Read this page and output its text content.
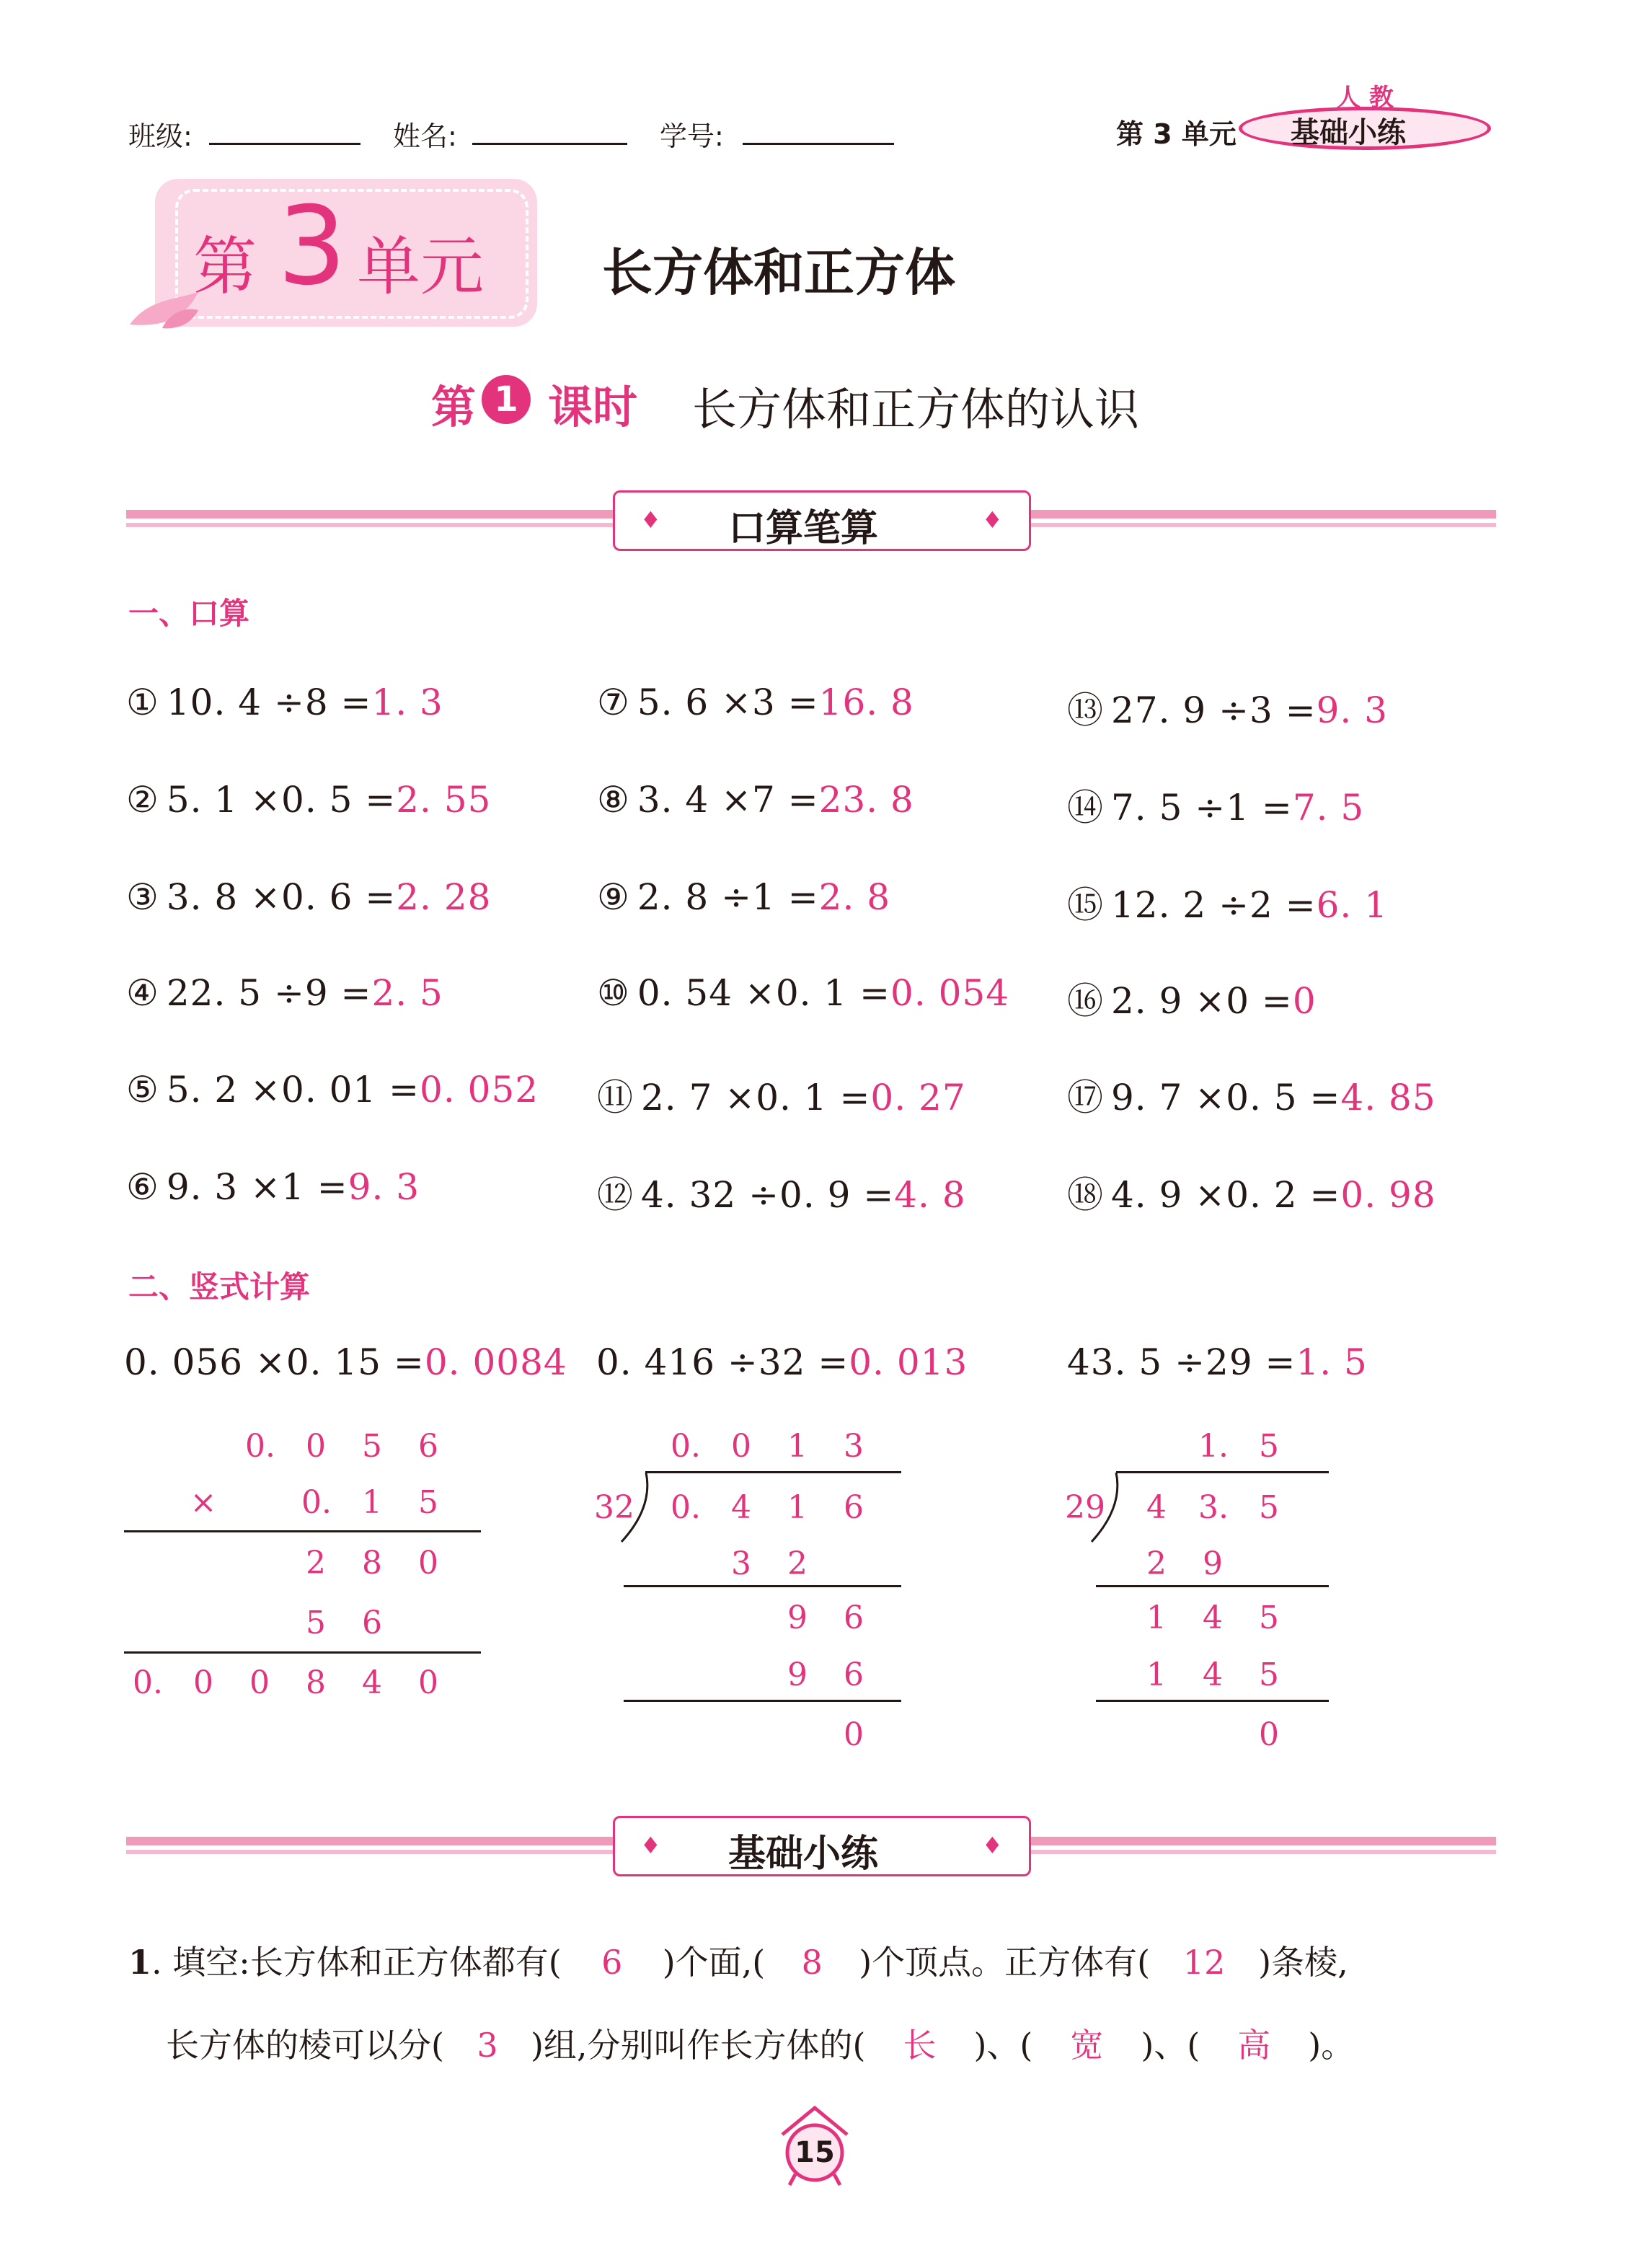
班级:	姓名:	学号:	第 3 单元
人 教
基础小练
第 3 单元 长方体和正方体
第 1 课时 长方体和正方体的认识
♦	♦
口算笔算
一、口算
① 10. 4 ÷8 =1. 3
② 5. 1 ×0. 5 =2. 55
③ 3. 8 ×0. 6 =2. 28
④ 22. 5 ÷9 =2. 5
⑤ 5. 2 ×0. 01 =0. 052
⑥ 9. 3 ×1 =9. 3
⑦ 5. 6 ×3 =16. 8
⑧ 3. 4 ×7 =23. 8
⑨ 2. 8 ÷1 =2. 8
⑩ 0. 54 ×0. 1 =0. 054
⑪ 2. 7 ×0. 1 =0. 27
⑫ 4. 32 ÷0. 9 =4. 8
⑬ 27. 9 ÷3 =9. 3
⑭ 7. 5 ÷1 =7. 5
⑮ 12. 2 ÷2 =6. 1
⑯ 2. 9 ×0 =0
⑰ 9. 7 ×0. 5 =4. 85
⑱ 4. 9 ×0. 2 =0. 98
二、竖式计算
0. 056 ×0. 15 =0. 0084 0. 416 ÷32 =0. 013	43. 5 ÷29 =1. 5
0. 0 5 6
×	0. 1 5
2 8 0
5 6
0. 0 0 8 4 0
0. 0 1 3
32 0. 4 1 6
3 2
9 6
9 6
0
1. 5
29 4 3. 5
2 9
1 4 5
1 4 5
0
♦	♦
基础小练
1. 填空:长方体和正方体都有( 6 )个面,( 8 )个顶点。正方体有( 12 )条棱,
长方体的棱可以分( 3 )组,分别叫作长方体的( 长 )、( 宽 )、( 高 )。
15
